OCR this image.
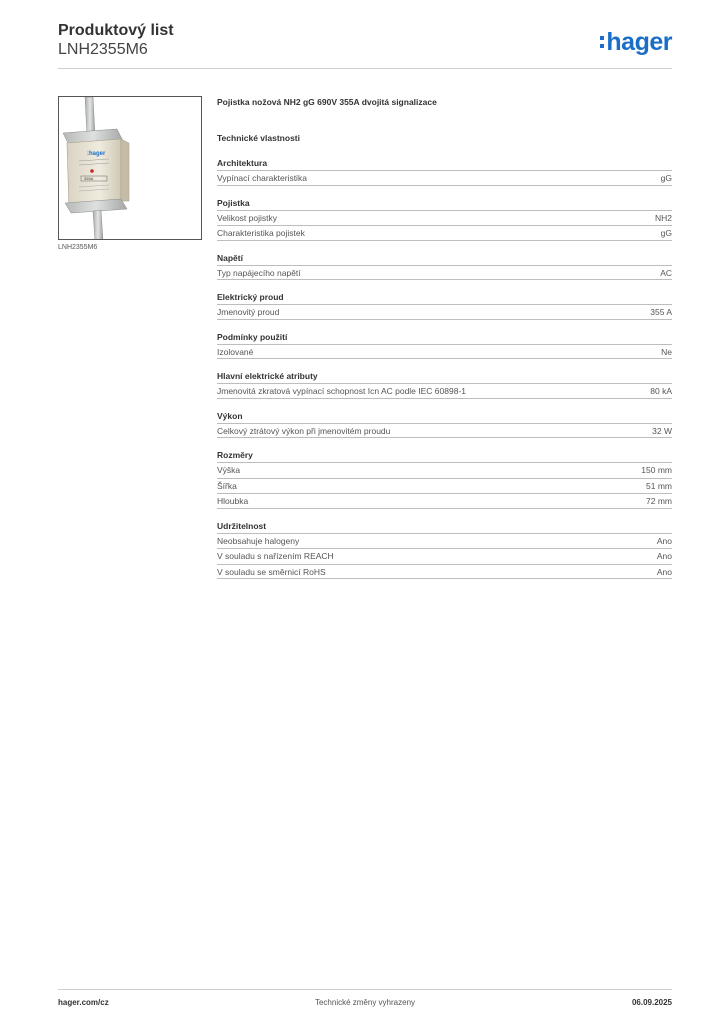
Produktový list
LNH2355M6	hager
:hager
355A
LNH2355M6
Pojistka nožová NH2 gG 690V 355A dvojitá signalizace
Technické vlastnosti
Architektura
Vypínací charakteristika	gG
Pojistka
Velikost pojistky	NH2
Charakteristika pojistek	gG
Napětí
Typ napájecího napětí	AC
Elektrický proud
Jmenovitý proud	355 A
Podmínky použití
Izolované	Ne
Hlavní elektrické atributy
Jmenovitá zkratová vypínací schopnost Icn AC podle IEC 60898-1	80 kA
Výkon
Celkový ztrátový výkon při jmenovitém proudu	32 W
Rozměry
Výška	150 mm
Šířka	51 mm
Hloubka	72 mm
Udržitelnost
Neobsahuje halogeny	Ano
V souladu s nařízením REACH	Ano
V souladu se směrnicí RoHS	Ano
hager.com/cz	Technické změny vyhrazeny	06.09.2025
